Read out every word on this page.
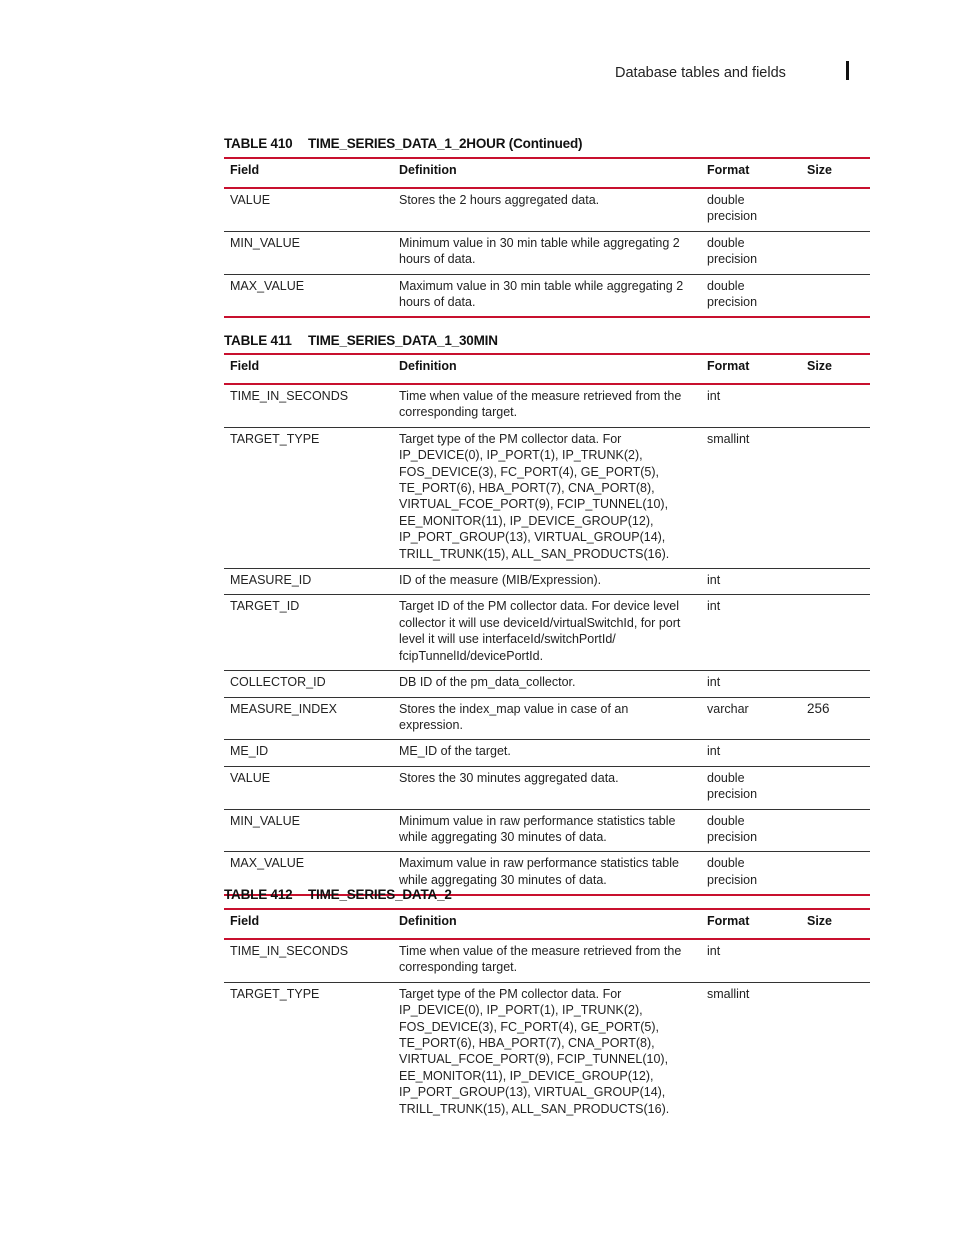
Database tables and fields
TABLE 410 TIME_SERIES_DATA_1_2HOUR (Continued)
Field	Definition	Format	Size
VALUE	Stores the 2 hours aggregated data.	double precision	
MIN_VALUE	Minimum value in 30 min table while aggregating 2 hours of data.	double precision	
MAX_VALUE	Maximum value in 30 min table while aggregating 2 hours of data.	double precision	
TABLE 411 TIME_SERIES_DATA_1_30MIN
Field	Definition	Format	Size
TIME_IN_SECONDS	Time when value of the measure retrieved from the corresponding target.	int	
TARGET_TYPE	Target type of the PM collector data. For IP_DEVICE(0), IP_PORT(1), IP_TRUNK(2), FOS_DEVICE(3), FC_PORT(4), GE_PORT(5), TE_PORT(6), HBA_PORT(7), CNA_PORT(8), VIRTUAL_FCOE_PORT(9), FCIP_TUNNEL(10), EE_MONITOR(11), IP_DEVICE_GROUP(12), IP_PORT_GROUP(13), VIRTUAL_GROUP(14), TRILL_TRUNK(15), ALL_SAN_PRODUCTS(16).	smallint	
MEASURE_ID	ID of the measure (MIB/Expression).	int	
TARGET_ID	Target ID of the PM collector data. For device level collector it will use deviceId/virtualSwitchId, for port level it will use interfaceId/switchPortId/ fcipTunnelId/devicePortId.	int	
COLLECTOR_ID	DB ID of the pm_data_collector.	int	
MEASURE_INDEX	Stores the index_map value in case of an expression.	varchar	256
ME_ID	ME_ID of the target.	int	
VALUE	Stores the 30 minutes aggregated data.	double precision	
MIN_VALUE	Minimum value in raw performance statistics table while aggregating 30 minutes of data.	double precision	
MAX_VALUE	Maximum value in raw performance statistics table while aggregating 30 minutes of data.	double precision	
TABLE 412 TIME_SERIES_DATA_2
Field	Definition	Format	Size
TIME_IN_SECONDS	Time when value of the measure retrieved from the corresponding target.	int	
TARGET_TYPE	Target type of the PM collector data. For IP_DEVICE(0), IP_PORT(1), IP_TRUNK(2), FOS_DEVICE(3), FC_PORT(4), GE_PORT(5), TE_PORT(6), HBA_PORT(7), CNA_PORT(8), VIRTUAL_FCOE_PORT(9), FCIP_TUNNEL(10), EE_MONITOR(11), IP_DEVICE_GROUP(12), IP_PORT_GROUP(13), VIRTUAL_GROUP(14), TRILL_TRUNK(15), ALL_SAN_PRODUCTS(16).	smallint	
